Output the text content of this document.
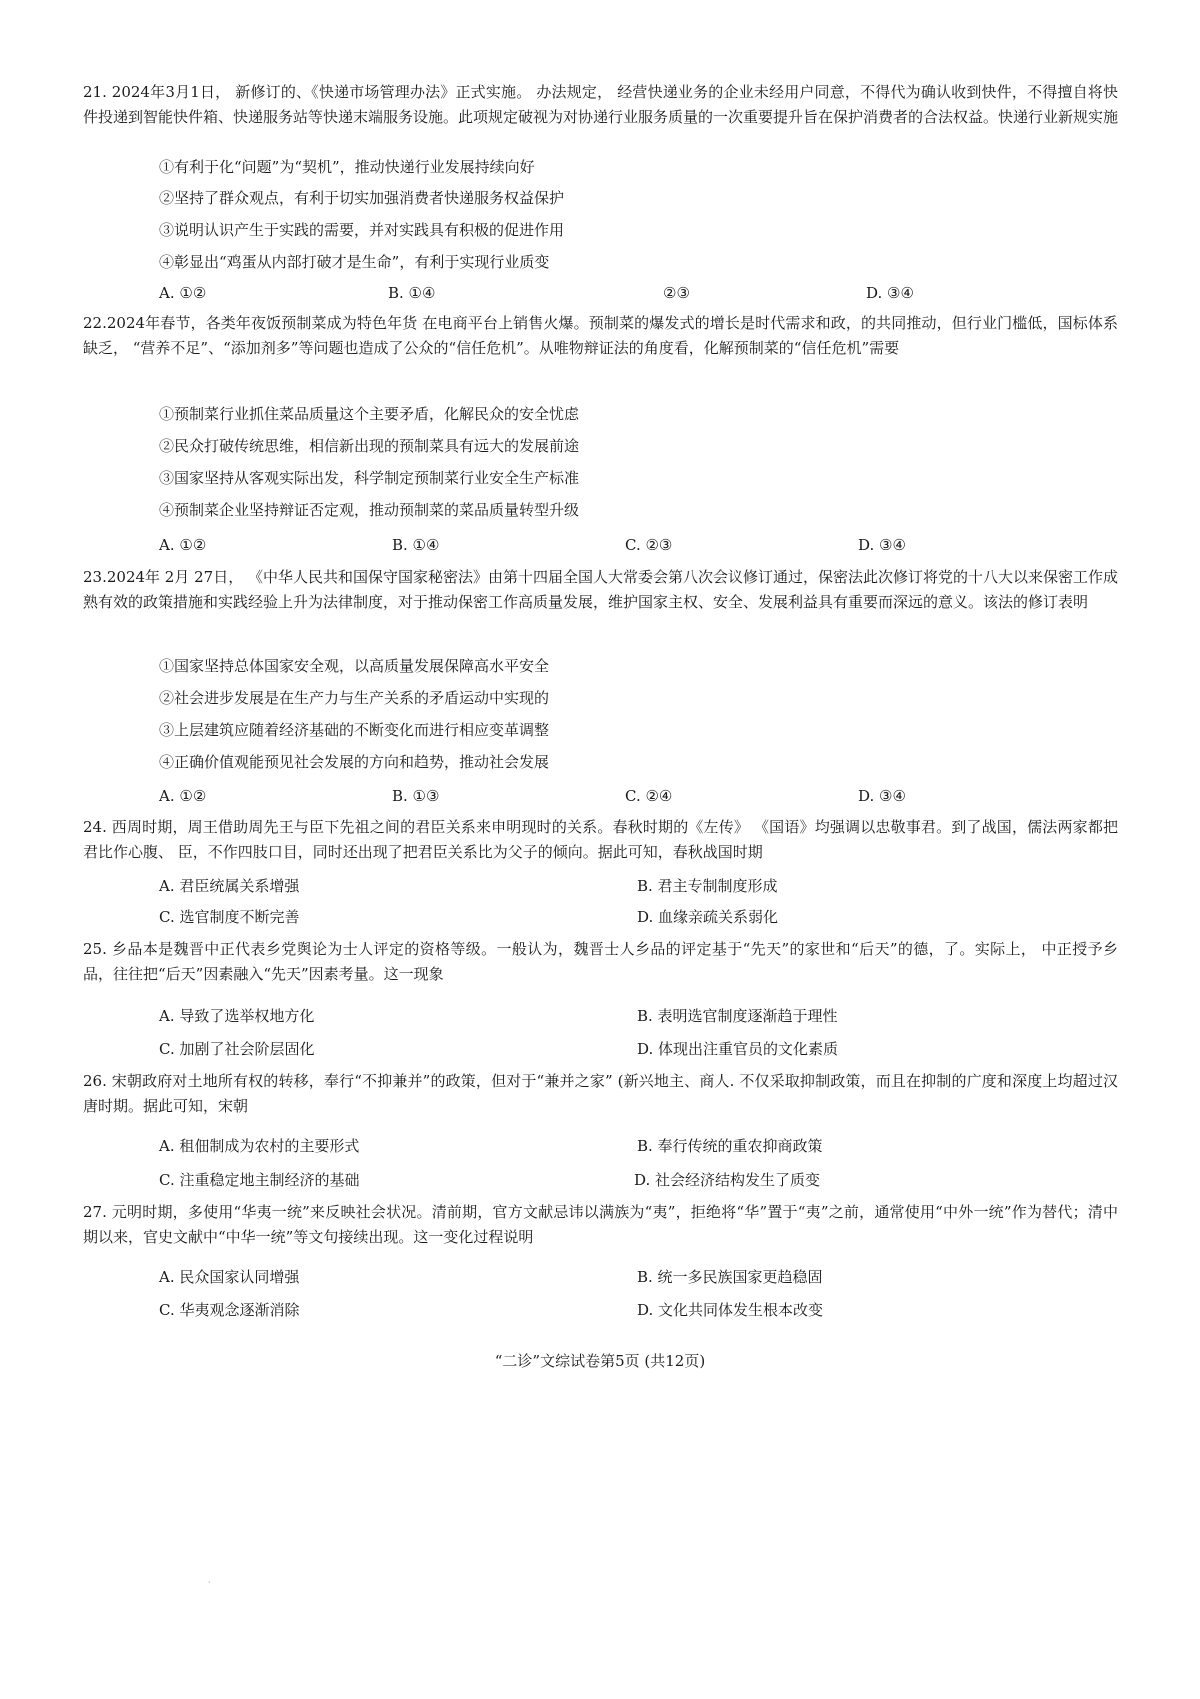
21. 2024年3月1日， 新修订的、《快递市场管理办法》正式实施。 办法规定， 经营快递业务的企业未经用户同意，不得代为确认收到快件，不得擅自将快件投递到智能快件箱、快递服务站等快递末端服务设施。此项规定破视为对协递行业服务质量的一次重要提升旨在保护消费者的合法权益。快递行业新规实施
①有利于化“问题”为“契机”，推动快递行业发展持续向好
②坚持了群众观点，有利于切实加强消费者快递服务权益保护
③说明认识产生于实践的需要，并对实践具有积极的促进作用
④彰显出“鸡蛋从内部打破才是生命”，有利于实现行业质变
A. ①②	B. ①④	②③	D. ③④
22.2024年春节，各类年夜饭预制菜成为特色年货 在电商平台上销售火爆。预制菜的爆发式的增长是时代需求和政，的共同推动，但行业门槛低，国标体系缺乏， “营养不足”、“添加剂多”等问题也造成了公众的“信任危机”。从唯物辩证法的角度看，化解预制菜的“信任危机”需要
①预制菜行业抓住菜品质量这个主要矛盾，化解民众的安全忧虑
②民众打破传统思维，相信新出现的预制菜具有远大的发展前途
③国家坚持从客观实际出发，科学制定预制菜行业安全生产标准
④预制菜企业坚持辩证否定观，推动预制菜的菜品质量转型升级
A. ①②	B. ①④	C. ②③	D. ③④
23.2024年 2月 27日， 《中华人民共和国保守国家秘密法》由第十四届全国人大常委会第八次会议修订通过，保密法此次修订将党的十八大以来保密工作成熟有效的政策措施和实践经验上升为法律制度，对于推动保密工作高质量发展，维护国家主权、安全、发展利益具有重要而深远的意义。该法的修订表明
①国家坚持总体国家安全观，以高质量发展保障高水平安全
②社会进步发展是在生产力与生产关系的矛盾运动中实现的
③上层建筑应随着经济基础的不断变化而进行相应变革调整
④正确价值观能预见社会发展的方向和趋势，推动社会发展
A. ①②	B. ①③	C. ②④	D. ③④
24. 西周时期，周王借助周先王与臣下先祖之间的君臣关系来申明现时的关系。春秋时期的《左传》 《国语》均强调以忠敬事君。到了战国，儒法两家都把君比作心腹、 臣，不作四肢口目，同时还出现了把君臣关系比为父子的倾向。据此可知，春秋战国时期
A. 君臣统属关系增强	B. 君主专制制度形成
C. 选官制度不断完善	D. 血缘亲疏关系弱化
25. 乡品本是魏晋中正代表乡党舆论为士人评定的资格等级。一般认为，魏晋士人乡品的评定基于“先天”的家世和“后天”的德，了。实际上， 中正授予乡品，往往把“后天”因素融入“先天”因素考量。这一现象
A. 导致了选举权地方化	B. 表明选官制度逐渐趋于理性
C. 加剧了社会阶层固化	D. 体现出注重官员的文化素质
26. 宋朝政府对土地所有权的转移，奉行“不抑兼并”的政策，但对于“兼并之家” (新兴地主、商人. 不仅采取抑制政策，而且在抑制的广度和深度上均超过汉唐时期。据此可知，宋朝
A. 租佃制成为农村的主要形式	B. 奉行传统的重农抑商政策
C. 注重稳定地主制经济的基础	D. 社会经济结构发生了质变
27. 元明时期，多使用“华夷一统”来反映社会状况。清前期，官方文献忌讳以满族为“夷”，拒绝将“华”置于“夷”之前，通常使用“中外一统”作为替代；清中期以来，官史文献中“中华一统”等文句接续出现。这一变化过程说明
A. 民众国家认同增强	B. 统一多民族国家更趋稳固
C. 华夷观念逐渐消除	D. 文化共同体发生根本改变
“二诊”文综试卷第5页 (共12页)
·
